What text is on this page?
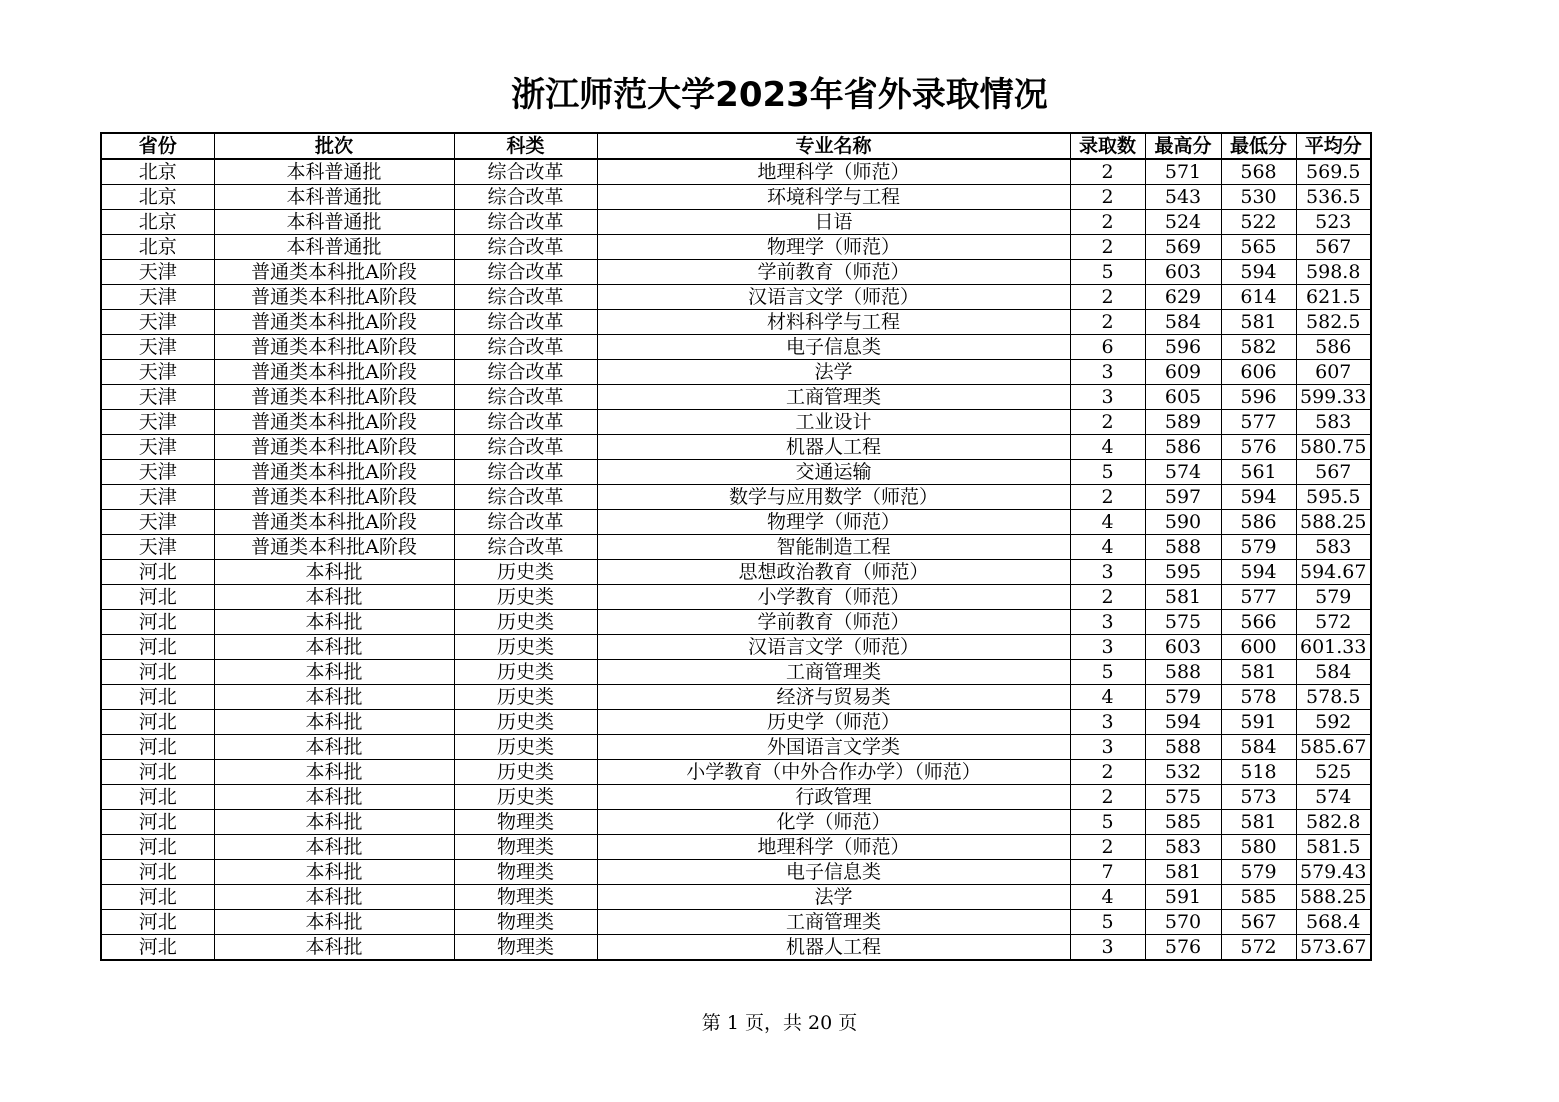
浙江师范大学2023年省外录取情况
省份	批次	科类	专业名称	录取数	最高分	最低分	平均分
北京	本科普通批	综合改革	地理科学（师范）	2	571	568	569.5
北京	本科普通批	综合改革	环境科学与工程	2	543	530	536.5
北京	本科普通批	综合改革	日语	2	524	522	523
北京	本科普通批	综合改革	物理学（师范）	2	569	565	567
天津	普通类本科批A阶段	综合改革	学前教育（师范）	5	603	594	598.8
天津	普通类本科批A阶段	综合改革	汉语言文学（师范）	2	629	614	621.5
天津	普通类本科批A阶段	综合改革	材料科学与工程	2	584	581	582.5
天津	普通类本科批A阶段	综合改革	电子信息类	6	596	582	586
天津	普通类本科批A阶段	综合改革	法学	3	609	606	607
天津	普通类本科批A阶段	综合改革	工商管理类	3	605	596	599.33
天津	普通类本科批A阶段	综合改革	工业设计	2	589	577	583
天津	普通类本科批A阶段	综合改革	机器人工程	4	586	576	580.75
天津	普通类本科批A阶段	综合改革	交通运输	5	574	561	567
天津	普通类本科批A阶段	综合改革	数学与应用数学（师范）	2	597	594	595.5
天津	普通类本科批A阶段	综合改革	物理学（师范）	4	590	586	588.25
天津	普通类本科批A阶段	综合改革	智能制造工程	4	588	579	583
河北	本科批	历史类	思想政治教育（师范）	3	595	594	594.67
河北	本科批	历史类	小学教育（师范）	2	581	577	579
河北	本科批	历史类	学前教育（师范）	3	575	566	572
河北	本科批	历史类	汉语言文学（师范）	3	603	600	601.33
河北	本科批	历史类	工商管理类	5	588	581	584
河北	本科批	历史类	经济与贸易类	4	579	578	578.5
河北	本科批	历史类	历史学（师范）	3	594	591	592
河北	本科批	历史类	外国语言文学类	3	588	584	585.67
河北	本科批	历史类	小学教育（中外合作办学）（师范）	2	532	518	525
河北	本科批	历史类	行政管理	2	575	573	574
河北	本科批	物理类	化学（师范）	5	585	581	582.8
河北	本科批	物理类	地理科学（师范）	2	583	580	581.5
河北	本科批	物理类	电子信息类	7	581	579	579.43
河北	本科批	物理类	法学	4	591	585	588.25
河北	本科批	物理类	工商管理类	5	570	567	568.4
河北	本科批	物理类	机器人工程	3	576	572	573.67
第 1 页，共 20 页
